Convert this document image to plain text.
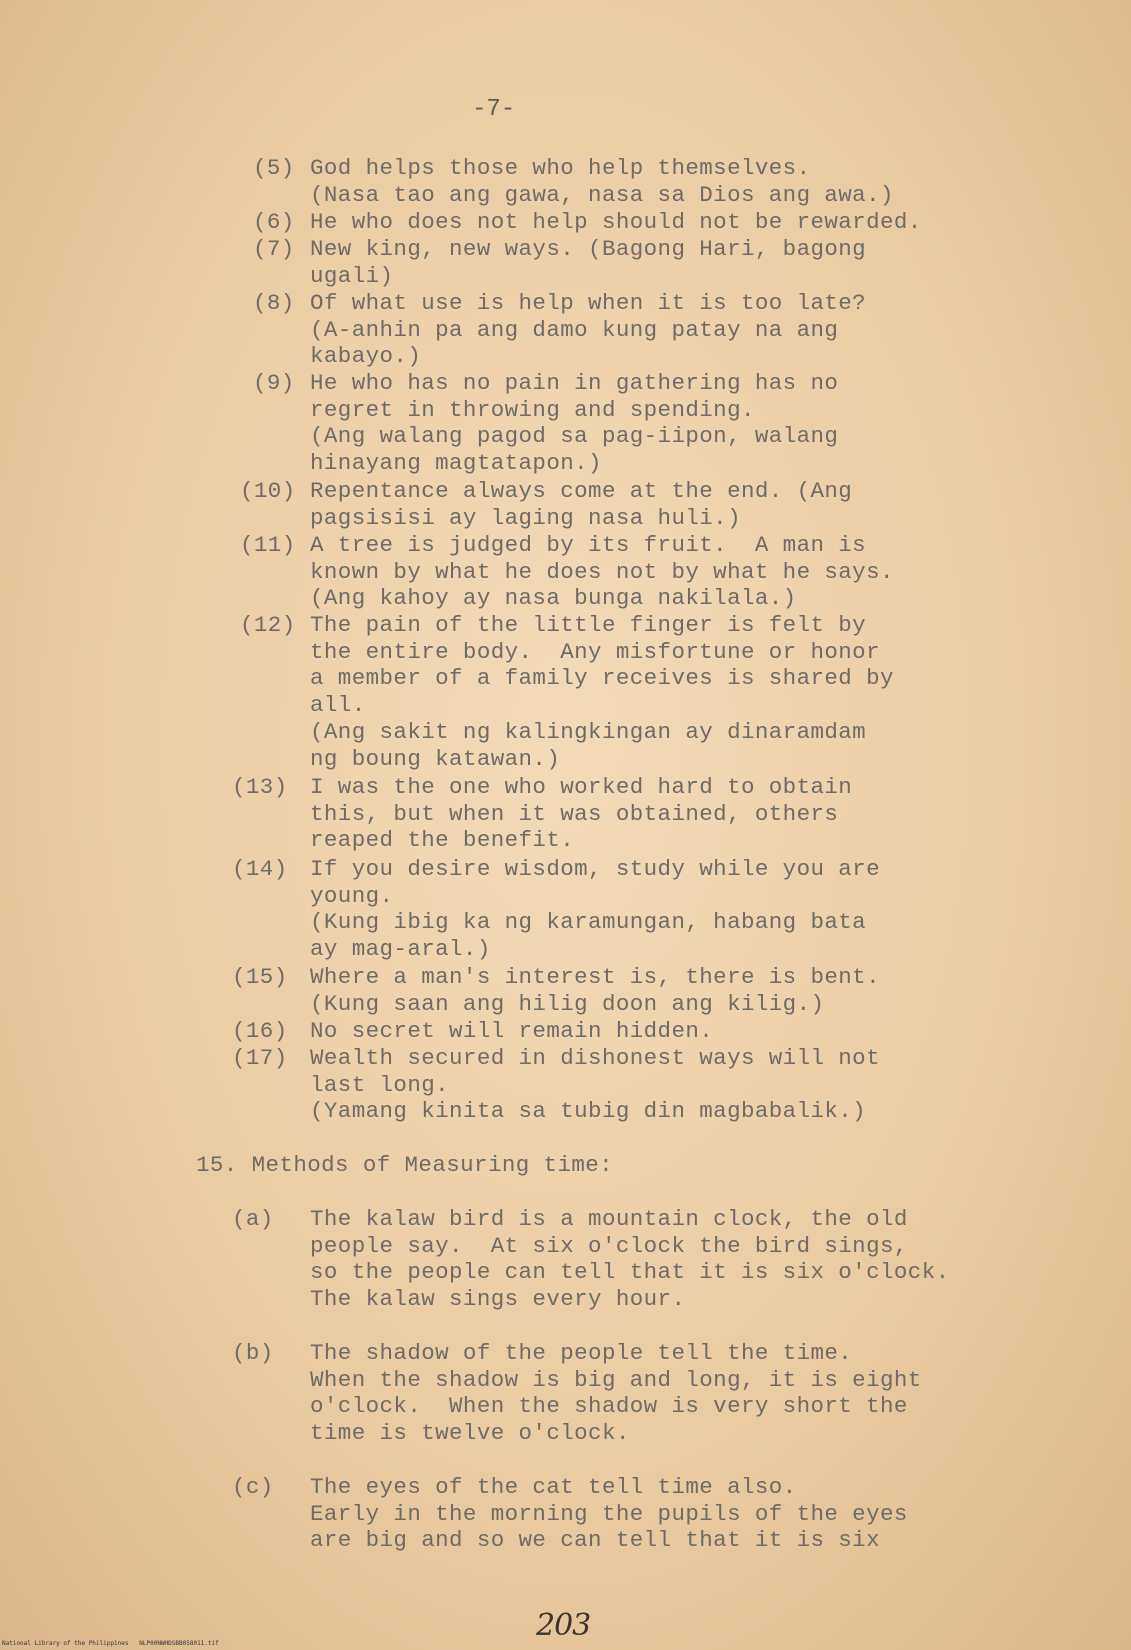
-7-
(5) God helps those who help themselves.
(Nasa tao ang gawa, nasa sa Dios ang awa.)
(6) He who does not help should not be rewarded.
(7) New king, new ways. (Bagong Hari, bagong
ugali)
(8) Of what use is help when it is too late?
(A-anhin pa ang damo kung patay na ang
kabayo.)
(9) He who has no pain in gathering has no
regret in throwing and spending.
(Ang walang pagod sa pag-iipon, walang
hinayang magtatapon.)
(10) Repentance always come at the end. (Ang
pagsisisi ay laging nasa huli.)
(11) A tree is judged by its fruit.  A man is
known by what he does not by what he says.
(Ang kahoy ay nasa bunga nakilala.)
(12) The pain of the little finger is felt by
the entire body.  Any misfortune or honor
a member of a family receives is shared by
all.
(Ang sakit ng kalingkingan ay dinaramdam
ng boung katawan.)
(13) I was the one who worked hard to obtain
this, but when it was obtained, others
reaped the benefit.
(14) If you desire wisdom, study while you are
young.
(Kung ibig ka ng karamungan, habang bata
ay mag-aral.)
(15) Where a man's interest is, there is bent.
(Kung saan ang hilig doon ang kilig.)
(16) No secret will remain hidden.
(17) Wealth secured in dishonest ways will not
last long.
(Yamang kinita sa tubig din magbabalik.)
15. Methods of Measuring time:
(a) The kalaw bird is a mountain clock, the old
people say.  At six o'clock the bird sings,
so the people can tell that it is six o'clock.
The kalaw sings every hour.
(b) The shadow of the people tell the time.
When the shadow is big and long, it is eight
o'clock.  When the shadow is very short the
time is twelve o'clock.
(c) The eyes of the cat tell time also.
Early in the morning the pupils of the eyes
are big and so we can tell that it is six
203
National Library of the Philippines   NLP00NWHDSBB058011.tif
